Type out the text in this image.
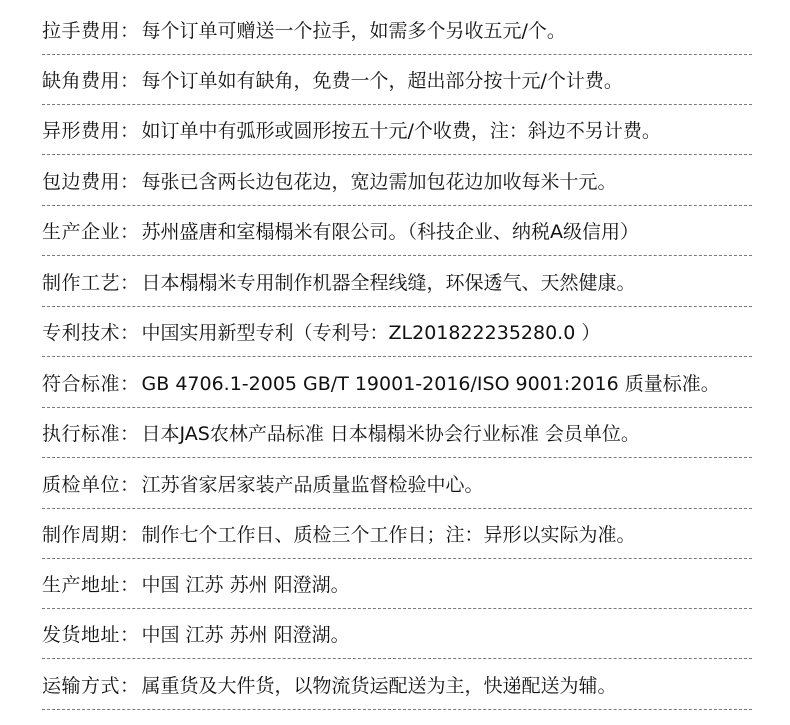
拉手费用： 每个订单可赠送一个拉手，如需多个另收五元/个。
缺角费用： 每个订单如有缺角，免费一个，超出部分按十元/个计费。
异形费用： 如订单中有弧形或圆形按五十元/个收费，注：斜边不另计费。
包边费用： 每张已含两长边包花边，宽边需加包花边加收每米十元。
生产企业： 苏州盛唐和室榻榻米有限公司。（科技企业、纳税A级信用）
制作工艺： 日本榻榻米专用制作机器全程线缝，环保透气、天然健康。
专利技术： 中国实用新型专利（专利号：ZL201822235280.0 ）
符合标准： GB 4706.1-2005 GB/T 19001-2016/ISO 9001:2016 质量标准。
执行标准： 日本JAS农林产品标准 日本榻榻米协会行业标准 会员单位。
质检单位： 江苏省家居家装产品质量监督检验中心。
制作周期： 制作七个工作日、质检三个工作日；注：异形以实际为准。
生产地址： 中国 江苏 苏州 阳澄湖。
发货地址： 中国 江苏 苏州 阳澄湖。
运输方式： 属重货及大件货，以物流货运配送为主，快递配送为辅。
